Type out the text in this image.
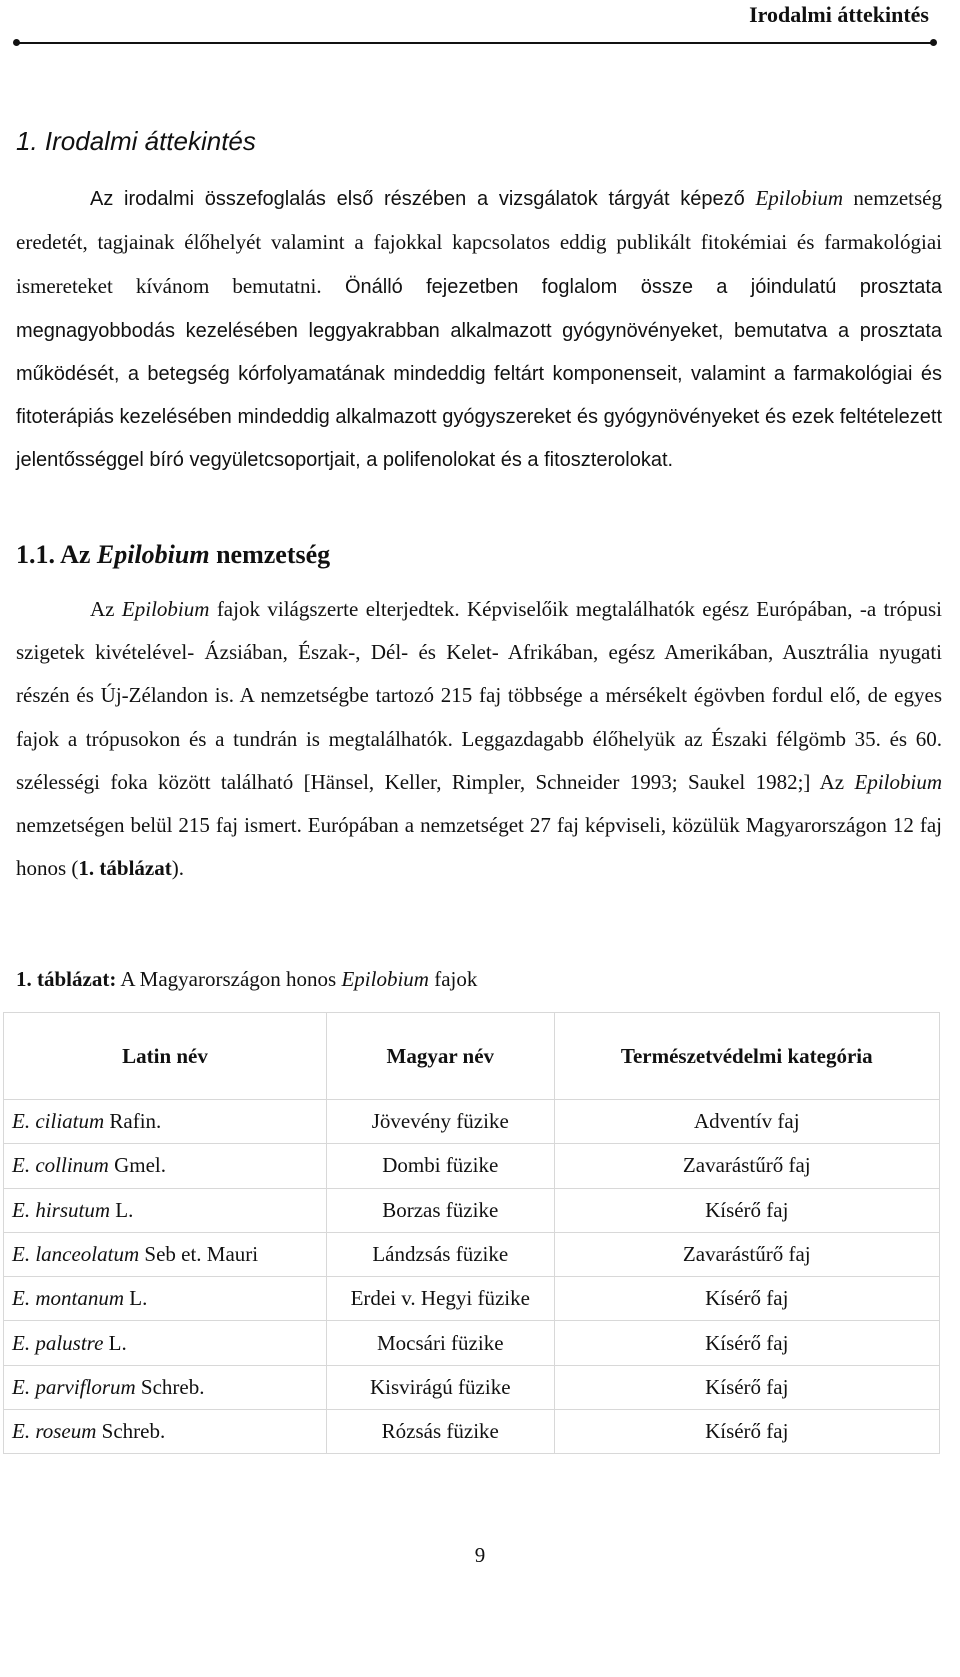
Irodalmi áttekintés
1. Irodalmi áttekintés

Az irodalmi összefoglalás első részében a vizsgálatok tárgyát képező Epilobium nemzetség eredetét, tagjainak élőhelyét valamint a fajokkal kapcsolatos eddig publikált fitokémiai és farmakológiai ismereteket kívánom bemutatni. Önálló fejezetben foglalom össze a jóindulatú prosztata megnagyobbodás kezelésében leggyakrabban alkalmazott gyógynövényeket, bemutatva a prosztata működését, a betegség kórfolyamatának mindeddig feltárt komponenseit, valamint a farmakológiai és fitoterápiás kezelésében mindeddig alkalmazott gyógyszereket és gyógynövényeket és ezek feltételezett jelentősséggel bíró vegyületcsoportjait, a polifenolokat és a fitoszterolokat.

1.1. Az Epilobium nemzetség

Az Epilobium fajok világszerte elterjedtek. Képviselőik megtalálhatók egész Európában, -a trópusi szigetek kivételével- Ázsiában, Észak-, Dél- és Kelet- Afrikában, egész Amerikában, Ausztrália nyugati részén és Új-Zélandon is. A nemzetségbe tartozó 215 faj többsége a mérsékelt égövben fordul elő, de egyes fajok a trópusokon és a tundrán is megtalálhatók. Leggazdagabb élőhelyük az Északi félgömb 35. és 60. szélességi foka között található [Hänsel, Keller, Rimpler, Schneider 1993; Saukel 1982;] Az Epilobium nemzetségen belül 215 faj ismert. Európában a nemzetséget 27 faj képviseli, közülük Magyarországon 12 faj honos (1. táblázat).

1. táblázat: A Magyarországon honos Epilobium fajok

Latin név	Magyar név	Természetvédelmi kategória
E. ciliatum Rafin.	Jövevény füzike	Adventív faj
E. collinum Gmel.	Dombi füzike	Zavarástűrő faj
E. hirsutum L.	Borzas füzike	Kísérő faj
E. lanceolatum Seb et. Mauri	Lándzsás füzike	Zavarástűrő faj
E. montanum L.	Erdei v. Hegyi füzike	Kísérő faj
E. palustre L.	Mocsári füzike	Kísérő faj
E. parviflorum Schreb.	Kisvirágú füzike	Kísérő faj
E. roseum Schreb.	Rózsás füzike	Kísérő faj
9
